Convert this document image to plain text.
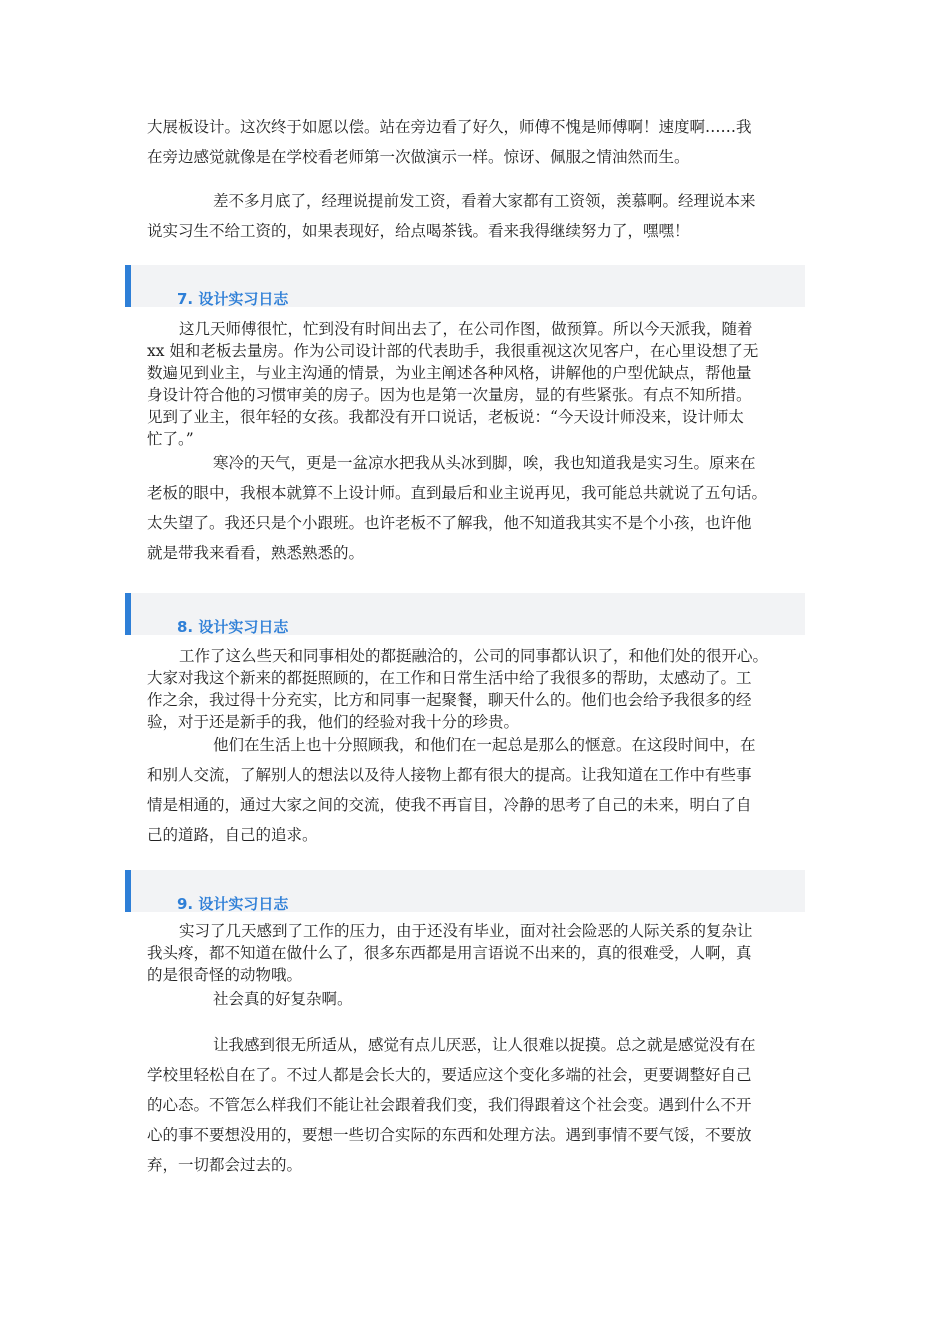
大展板设计。这次终于如愿以偿。站在旁边看了好久，师傅不愧是师傅啊！速度啊……我
在旁边感觉就像是在学校看老师第一次做演示一样。惊讶、佩服之情油然而生。
差不多月底了，经理说提前发工资，看着大家都有工资领，羡慕啊。经理说本来
说实习生不给工资的，如果表现好，给点喝茶钱。看来我得继续努力了，嘿嘿！
7. 设计实习日志
这几天师傅很忙，忙到没有时间出去了，在公司作图，做预算。所以今天派我，随着
xx 姐和老板去量房。作为公司设计部的代表助手，我很重视这次见客户，在心里设想了无
数遍见到业主，与业主沟通的情景，为业主阐述各种风格，讲解他的户型优缺点，帮他量
身设计符合他的习惯审美的房子。因为也是第一次量房，显的有些紧张。有点不知所措。
见到了业主，很年轻的女孩。我都没有开口说话，老板说：“今天设计师没来，设计师太
忙了。”
寒冷的天气，更是一盆凉水把我从头冰到脚，唉，我也知道我是实习生。原来在
老板的眼中，我根本就算不上设计师。直到最后和业主说再见，我可能总共就说了五句话。
太失望了。我还只是个小跟班。也许老板不了解我，他不知道我其实不是个小孩，也许他
就是带我来看看，熟悉熟悉的。
8. 设计实习日志
工作了这么些天和同事相处的都挺融洽的，公司的同事都认识了，和他们处的很开心。
大家对我这个新来的都挺照顾的，在工作和日常生活中给了我很多的帮助，太感动了。工
作之余，我过得十分充实，比方和同事一起聚餐，聊天什么的。他们也会给予我很多的经
验，对于还是新手的我，他们的经验对我十分的珍贵。
他们在生活上也十分照顾我，和他们在一起总是那么的惬意。在这段时间中，在
和别人交流，了解别人的想法以及待人接物上都有很大的提高。让我知道在工作中有些事
情是相通的，通过大家之间的交流，使我不再盲目，冷静的思考了自己的未来，明白了自
己的道路，自己的追求。
9. 设计实习日志
实习了几天感到了工作的压力，由于还没有毕业，面对社会险恶的人际关系的复杂让
我头疼，都不知道在做什么了，很多东西都是用言语说不出来的，真的很难受，人啊，真
的是很奇怪的动物哦。
社会真的好复杂啊。
让我感到很无所适从，感觉有点儿厌恶，让人很难以捉摸。总之就是感觉没有在
学校里轻松自在了。不过人都是会长大的，要适应这个变化多端的社会，更要调整好自己
的心态。不管怎么样我们不能让社会跟着我们变，我们得跟着这个社会变。遇到什么不开
心的事不要想没用的，要想一些切合实际的东西和处理方法。遇到事情不要气馁，不要放
弃，一切都会过去的。
